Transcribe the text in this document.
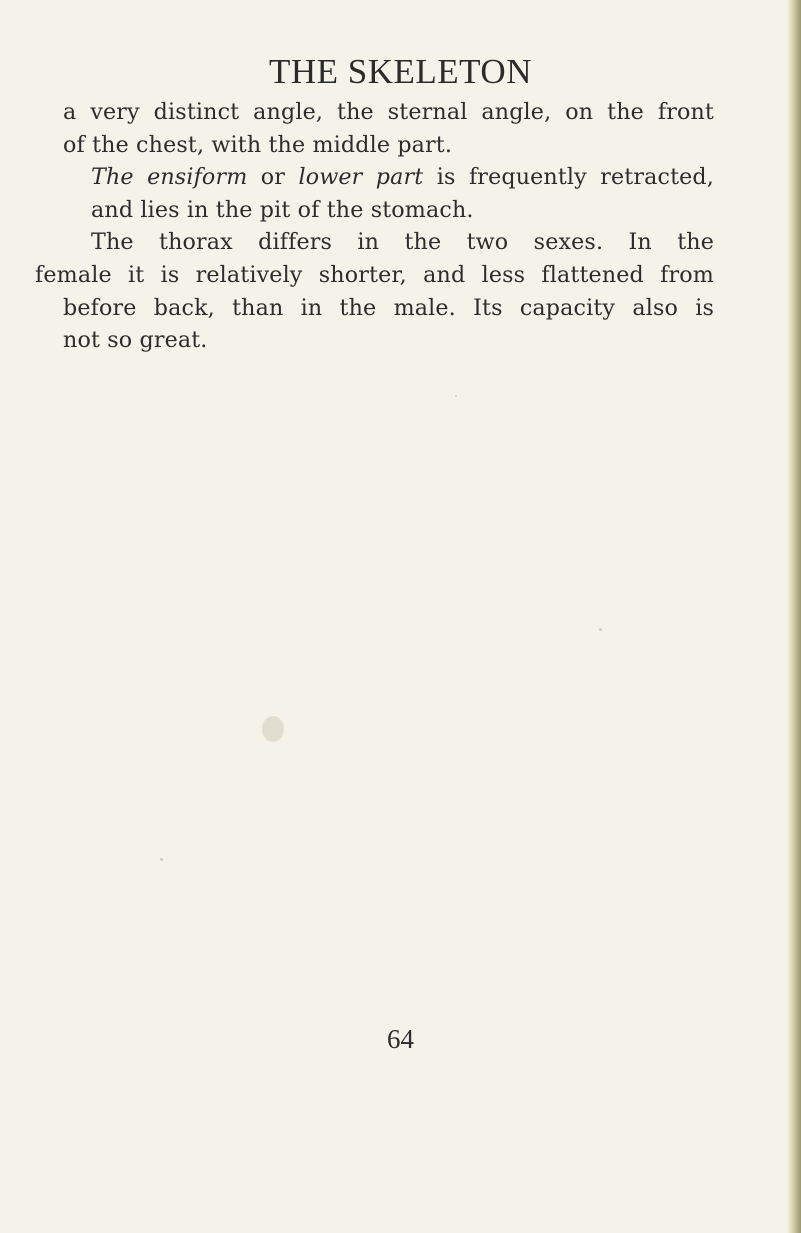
THE SKELETON

a very distinct angle, the sternal angle, on the front
of the chest, with the middle part.

The ensiform or lower part is frequently retracted,
and lies in the pit of the stomach.

The thorax differs in the two sexes. In the
female it is relatively shorter, and less flattened from
before back, than in the male. Its capacity also is
not so great.

64
